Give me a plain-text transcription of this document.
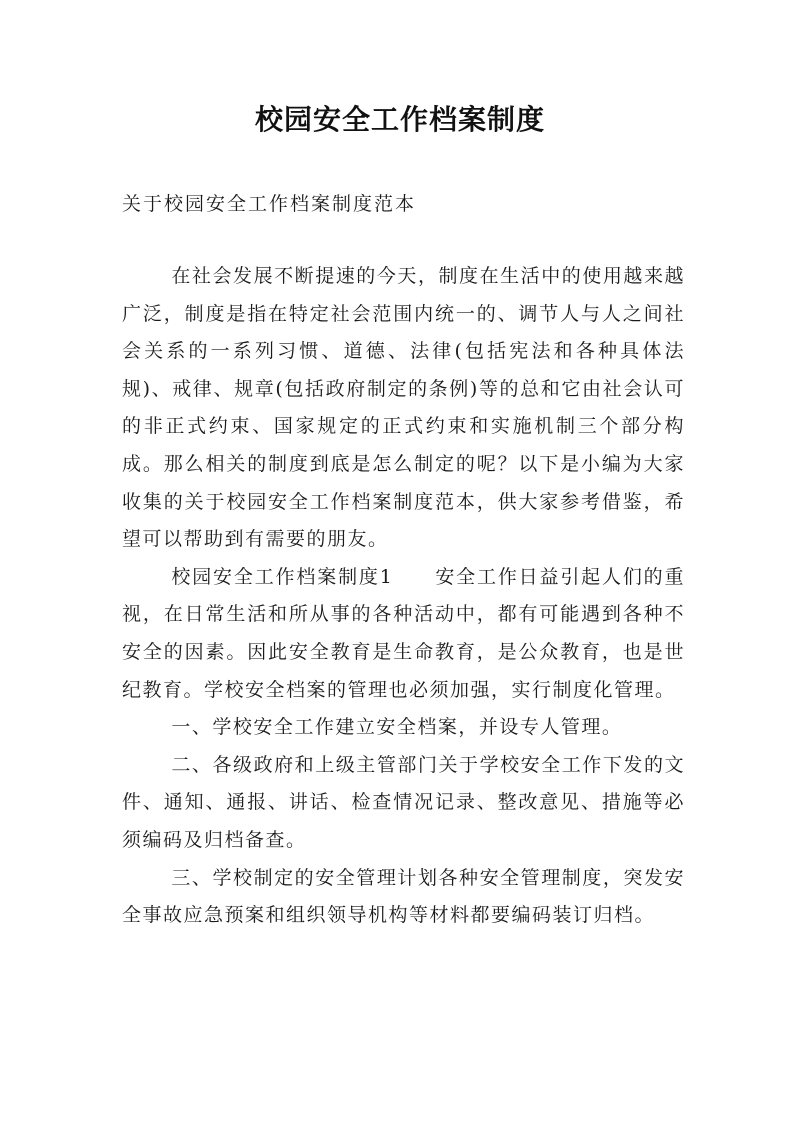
校园安全工作档案制度

关于校园安全工作档案制度范本

在社会发展不断提速的今天，制度在生活中的使用越来越广泛，制度是指在特定社会范围内统一的、调节人与人之间社会关系的一系列习惯、道德、法律(包括宪法和各种具体法规)、戒律、规章(包括政府制定的条例)等的总和它由社会认可的非正式约束、国家规定的正式约束和实施机制三个部分构成。那么相关的制度到底是怎么制定的呢？以下是小编为大家收集的关于校园安全工作档案制度范本，供大家参考借鉴，希望可以帮助到有需要的朋友。

校园安全工作档案制度1　　安全工作日益引起人们的重视，在日常生活和所从事的各种活动中，都有可能遇到各种不安全的因素。因此安全教育是生命教育，是公众教育，也是世纪教育。学校安全档案的管理也必须加强，实行制度化管理。

一、学校安全工作建立安全档案，并设专人管理。

二、各级政府和上级主管部门关于学校安全工作下发的文件、通知、通报、讲话、检查情况记录、整改意见、措施等必须编码及归档备查。

三、学校制定的安全管理计划各种安全管理制度，突发安全事故应急预案和组织领导机构等材料都要编码装订归档。
